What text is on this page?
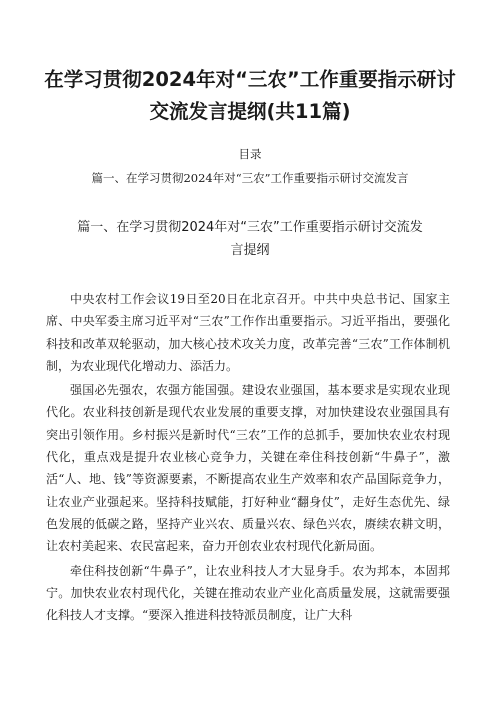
在学习贯彻2024年对“三农”工作重要指示研讨
交流发言提纲(共11篇)
目录
篇一、在学习贯彻2024年对“三农”工作重要指示研讨交流发言
篇一、在学习贯彻2024年对“三农”工作重要指示研讨交流发
言提纲

中央农村工作会议19日至20日在北京召开。中共中央总书记、国家主席、中央军委主席习近平对“三农”工作作出重要指示。习近平指出，要强化科技和改革双轮驱动，加大核心技术攻关力度，改革完善“三农”工作体制机制，为农业现代化增动力、添活力。

强国必先强农，农强方能国强。建设农业强国，基本要求是实现农业现代化。农业科技创新是现代农业发展的重要支撑，对加快建设农业强国具有突出引领作用。乡村振兴是新时代“三农”工作的总抓手，要加快农业农村现代化，重点戏是提升农业核心竞争力，关键在牵住科技创新“牛鼻子”，激活“人、地、钱”等资源要素，不断提高农业生产效率和农产品国际竞争力，让农业产业强起来。坚持科技赋能，打好种业“翻身仗”，走好生态优先、绿色发展的低碳之路，坚持产业兴农、质量兴农、绿色兴农，赓续农耕文明，让农村美起来、农民富起来，奋力开创农业农村现代化新局面。

牵住科技创新“牛鼻子”，让农业科技人才大显身手。农为邦本，本固邦宁。加快农业农村现代化，关键在推动农业产业化高质量发展，这就需要强化科技人才支撑。“要深入推进科技特派员制度，让广大科
